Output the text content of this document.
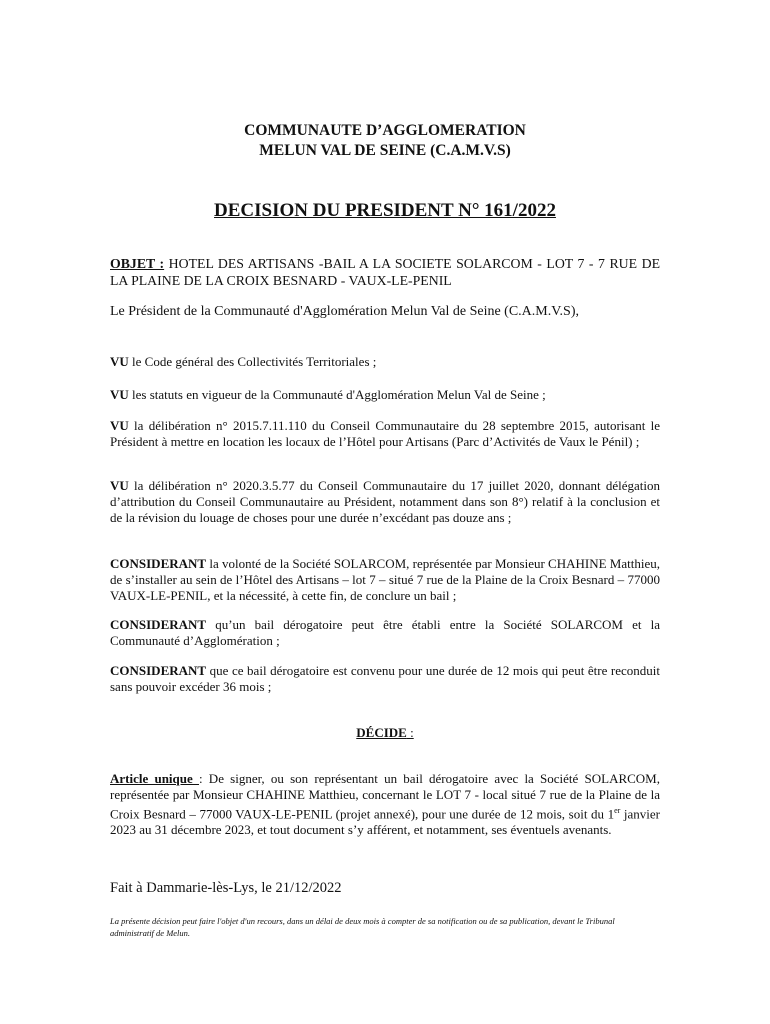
COMMUNAUTE D’AGGLOMERATION
MELUN VAL DE SEINE (C.A.M.V.S)
DECISION DU PRESIDENT N° 161/2022
OBJET : HOTEL DES ARTISANS -BAIL A LA SOCIETE SOLARCOM - LOT 7 - 7 RUE DE LA PLAINE DE LA CROIX BESNARD - VAUX-LE-PENIL
Le Président de la Communauté d'Agglomération Melun Val de Seine (C.A.M.V.S),
VU le Code général des Collectivités Territoriales ;
VU les statuts en vigueur de la Communauté d'Agglomération Melun Val de Seine ;
VU la délibération n° 2015.7.11.110 du Conseil Communautaire du 28 septembre 2015, autorisant le Président à mettre en location les locaux de l’Hôtel pour Artisans (Parc d’Activités de Vaux le Pénil) ;
VU la délibération n° 2020.3.5.77 du Conseil Communautaire du 17 juillet 2020, donnant délégation d’attribution du Conseil Communautaire au Président, notamment dans son 8°) relatif à la conclusion et de la révision du louage de choses pour une durée n’excédant pas douze ans ;
CONSIDERANT la volonté de la Société SOLARCOM, représentée par Monsieur CHAHINE Matthieu, de s’installer au sein de l’Hôtel des Artisans – lot 7 – situé 7 rue de la Plaine de la Croix Besnard – 77000 VAUX-LE-PENIL, et la nécessité, à cette fin, de conclure un bail ;
CONSIDERANT qu’un bail dérogatoire peut être établi entre la Société SOLARCOM et la Communauté d’Agglomération ;
CONSIDERANT que ce bail dérogatoire est convenu pour une durée de 12 mois qui peut être reconduit sans pouvoir excéder 36 mois ;
DÉCIDE :
Article unique : De signer, ou son représentant un bail dérogatoire avec la Société SOLARCOM, représentée par Monsieur CHAHINE Matthieu, concernant le LOT 7 - local situé 7 rue de la Plaine de la Croix Besnard – 77000 VAUX-LE-PENIL (projet annexé), pour une durée de 12 mois, soit du 1er janvier 2023 au 31 décembre 2023, et tout document s’y afférent, et notamment, ses éventuels avenants.
Fait à Dammarie-lès-Lys, le 21/12/2022
La présente décision peut faire l'objet d'un recours, dans un délai de deux mois à compter de sa notification ou de sa publication, devant le Tribunal administratif de Melun.
